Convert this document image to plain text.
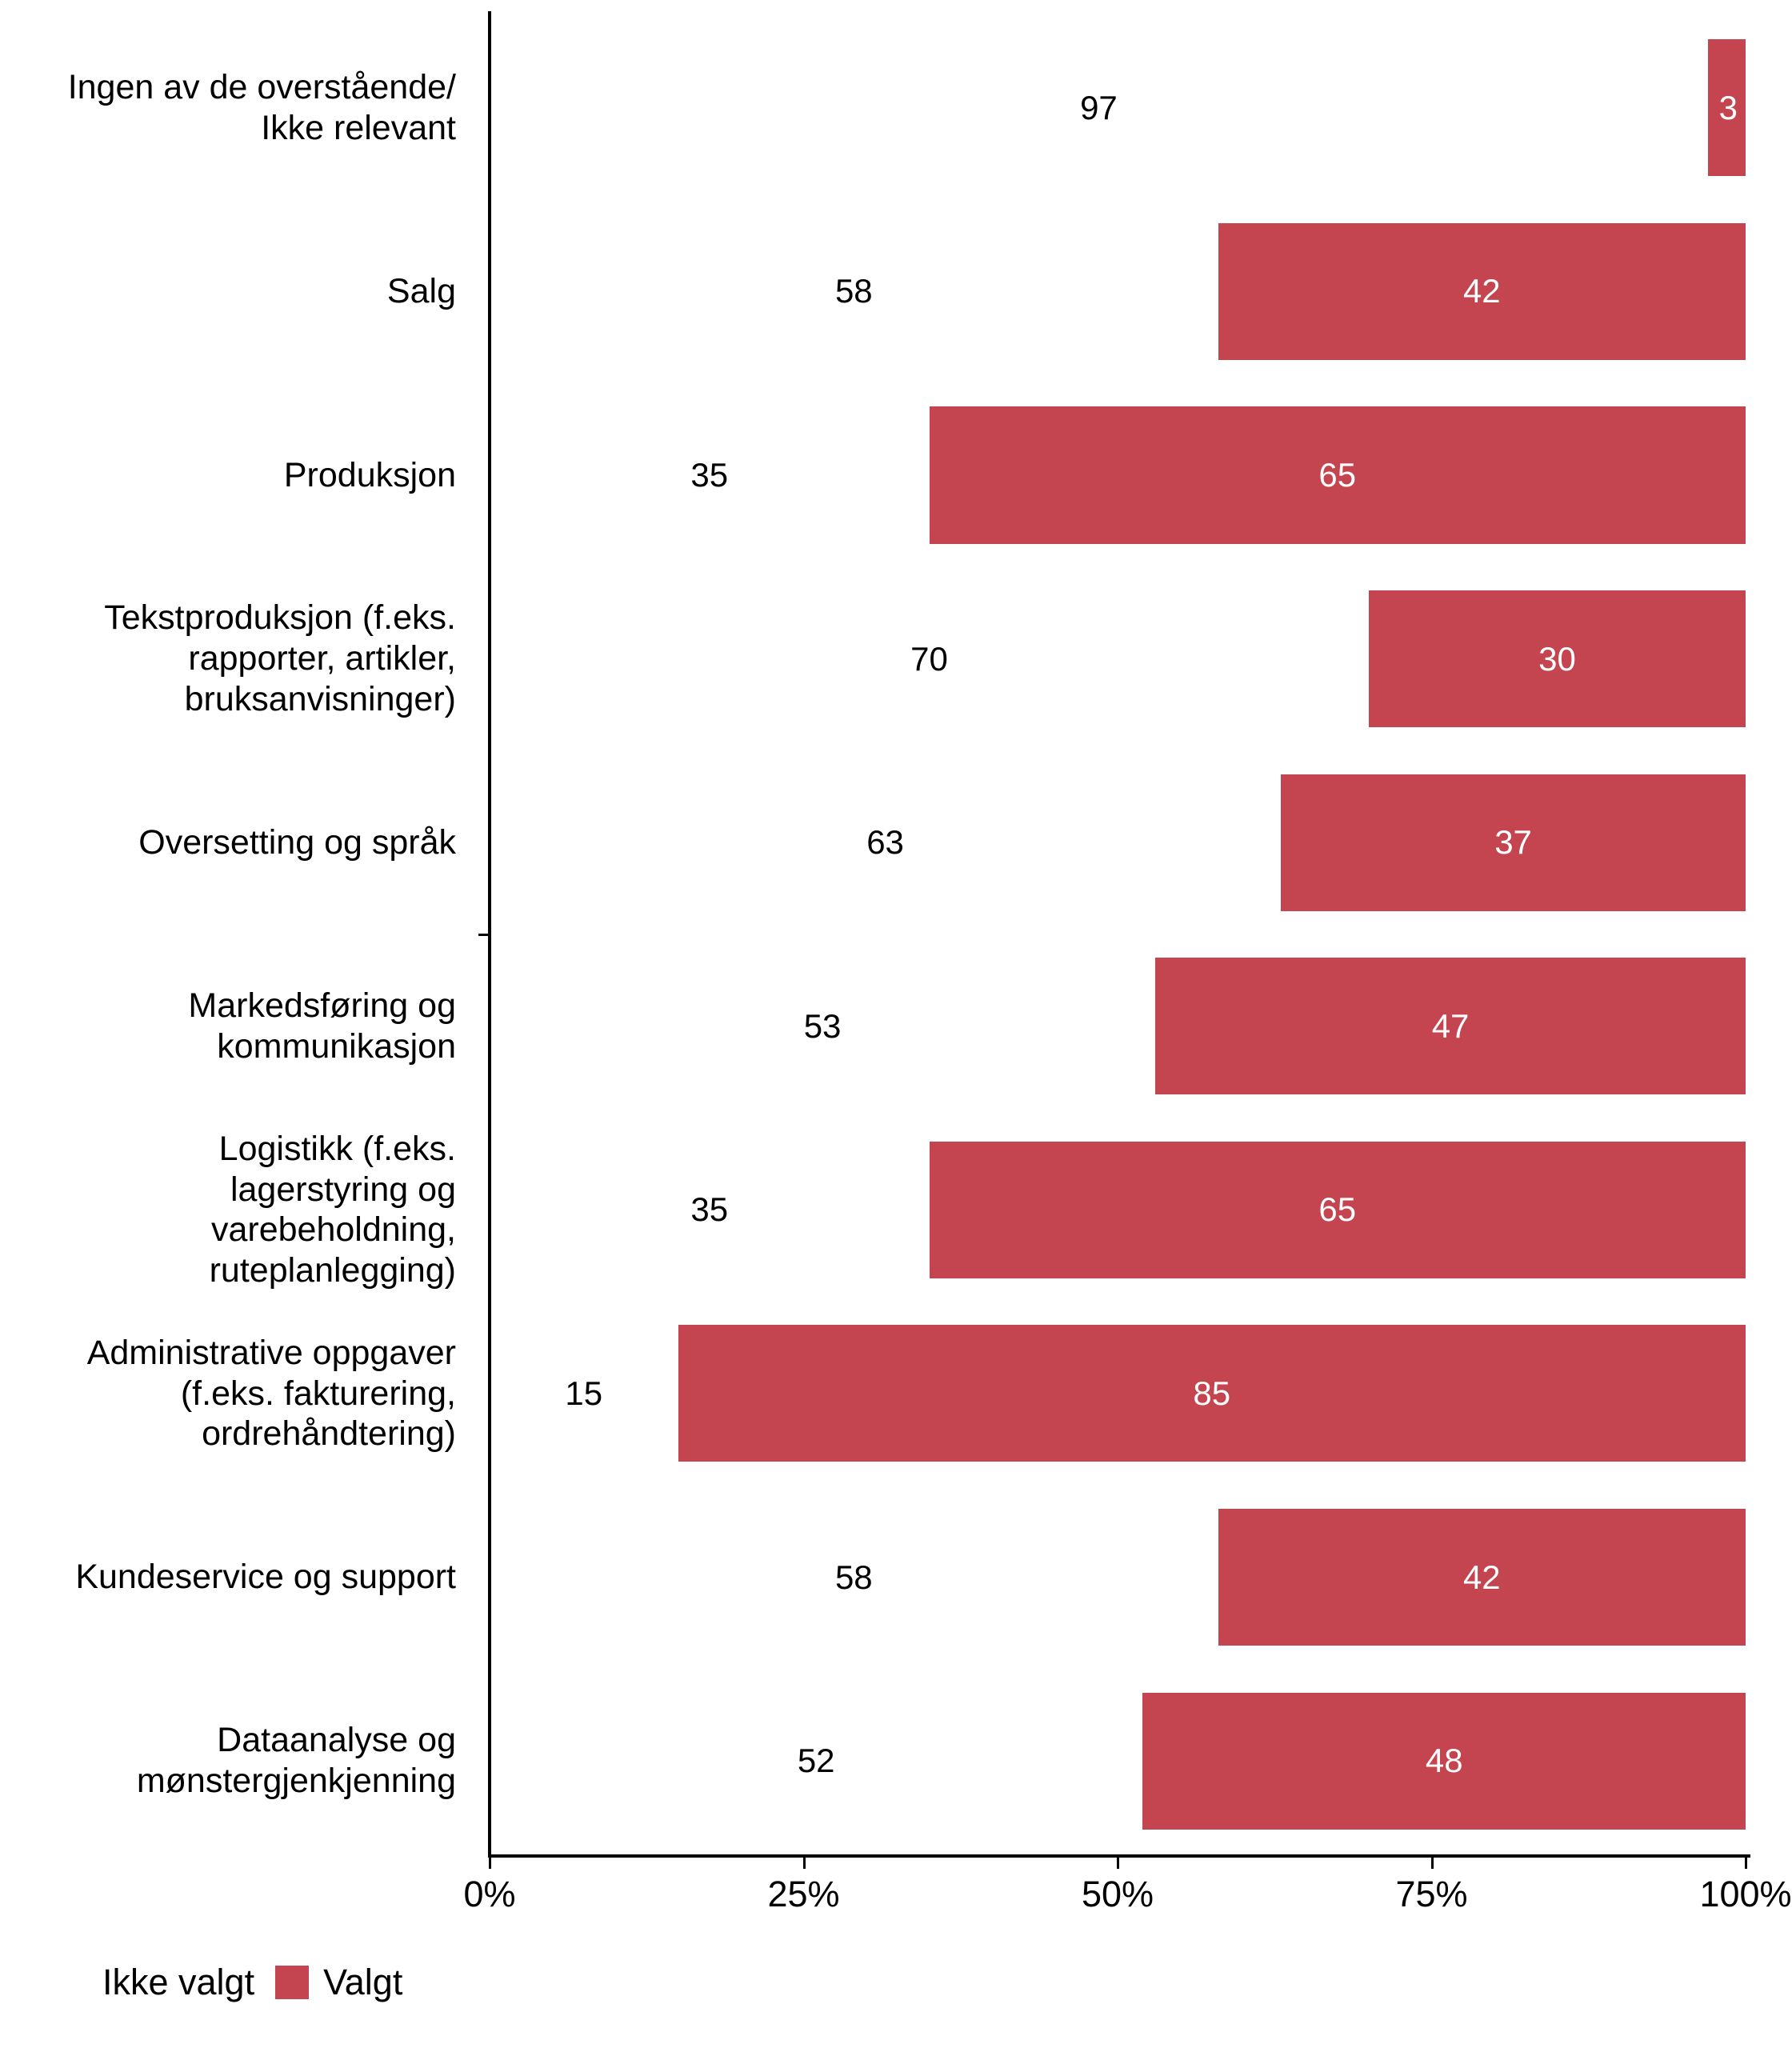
Ingen av de overstående/
Ikke relevant
Salg
Produksjon
Tekstproduksjon (f.eks.
rapporter, artikler,
bruksanvisninger)
Oversetting og språk
Markedsføring og
kommunikasjon
Logistikk (f.eks.
lagerstyring og
varebeholdning,
ruteplanlegging)
Administrative oppgaver
(f.eks. fakturering,
ordrehåndtering)
Kundeservice og support
Dataanalyse og
mønstergjenkjenning
3
97
42
58
65
35
30
70
37
63
47
53
65
35
85
15
42
58
48
52
0%	25%	50%	75%	100%
Ikke valgt Valgt
